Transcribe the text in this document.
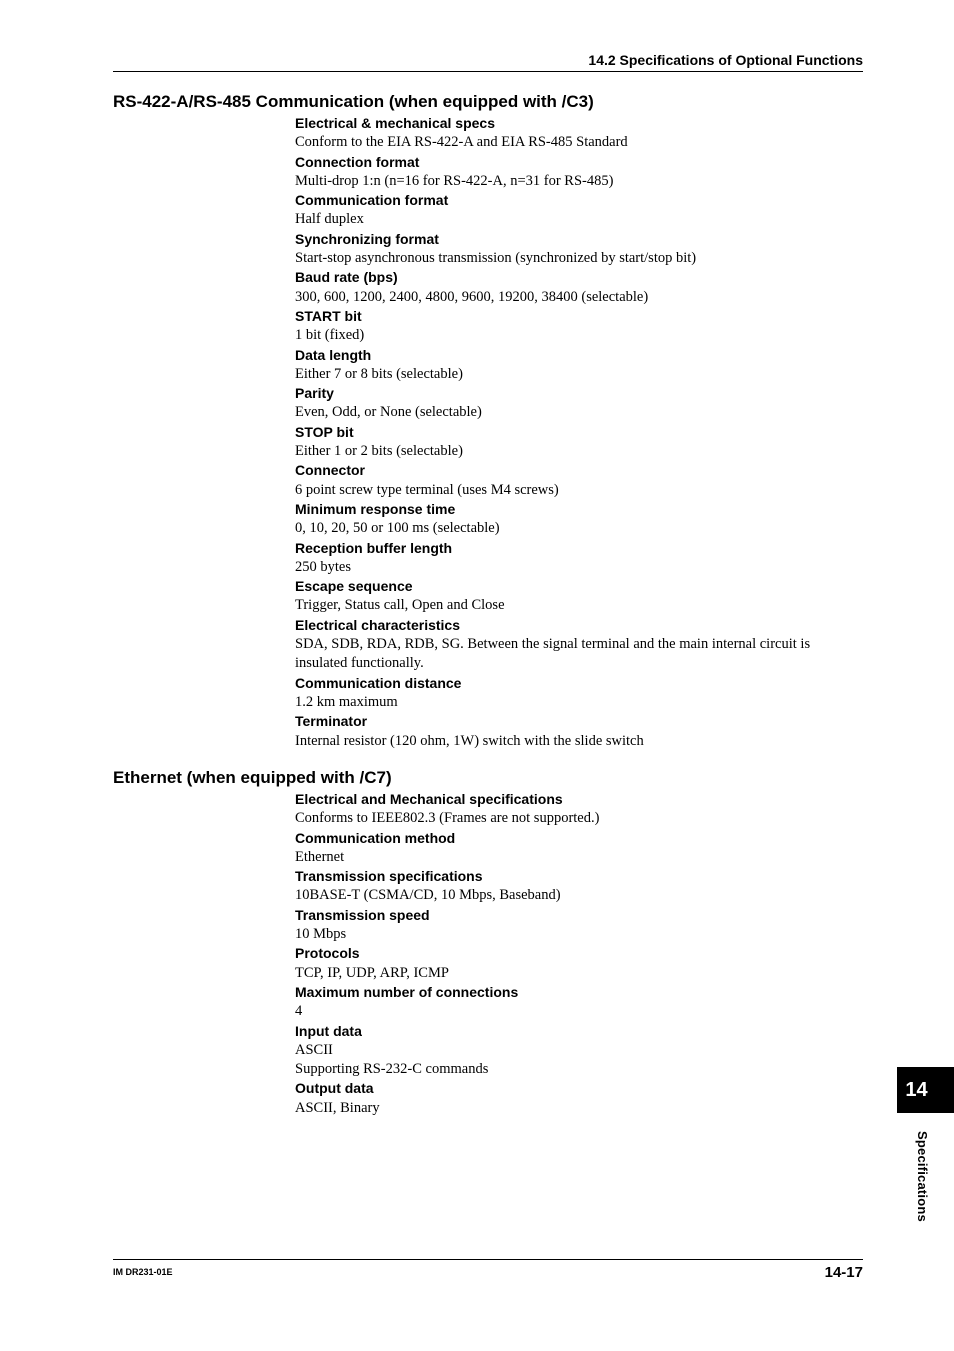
14.2 Specifications of Optional Functions
RS-422-A/RS-485 Communication (when equipped with /C3)
Electrical & mechanical specs
Conform to the EIA RS-422-A and EIA RS-485 Standard
Connection format
Multi-drop 1:n (n=16 for RS-422-A, n=31 for RS-485)
Communication format
Half duplex
Synchronizing format
Start-stop asynchronous transmission (synchronized by start/stop bit)
Baud rate (bps)
300, 600, 1200, 2400, 4800, 9600, 19200, 38400 (selectable)
START bit
1 bit (fixed)
Data length
Either 7 or 8 bits (selectable)
Parity
Even, Odd, or None (selectable)
STOP bit
Either 1 or 2 bits (selectable)
Connector
6 point screw type terminal (uses M4 screws)
Minimum response time
0, 10, 20, 50 or 100 ms (selectable)
Reception buffer length
250 bytes
Escape sequence
Trigger, Status call, Open and Close
Electrical characteristics
SDA, SDB, RDA, RDB, SG. Between the signal terminal and the main internal circuit is insulated functionally.
Communication distance
1.2 km maximum
Terminator
Internal resistor (120 ohm, 1W) switch with the slide switch
Ethernet (when equipped with /C7)
Electrical and Mechanical specifications
Conforms to IEEE802.3 (Frames are not supported.)
Communication method
Ethernet
Transmission specifications
10BASE-T (CSMA/CD, 10 Mbps, Baseband)
Transmission speed
10 Mbps
Protocols
TCP, IP, UDP, ARP, ICMP
Maximum number of connections
4
Input data
ASCII
Supporting RS-232-C commands
Output data
ASCII, Binary
14
Specifications
IM DR231-01E	14-17
